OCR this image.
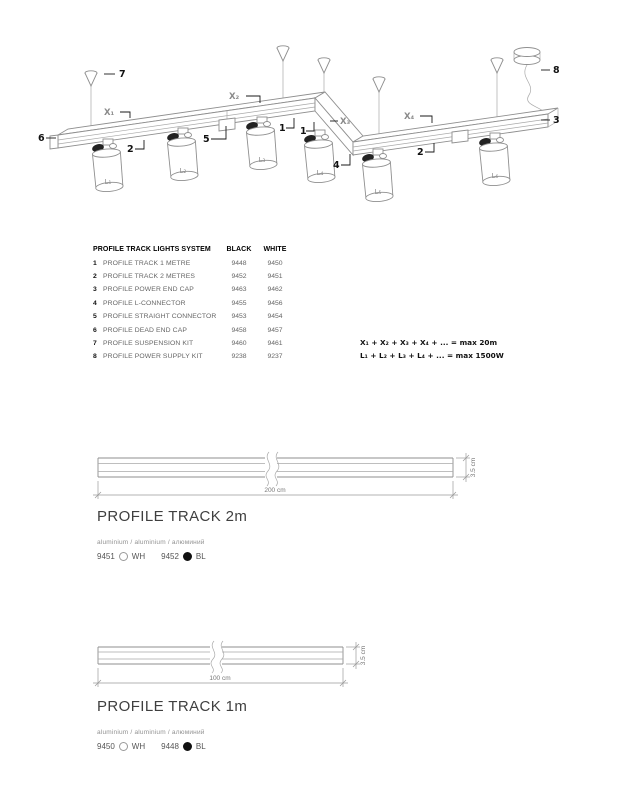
L₁
L₂
L₃
L₄
L₅
L₆
6
7
X₁
2
5
X₂
1 1
X₃
4
X₄
2
3
8
PROFILE TRACK LIGHTS SYSTEM	BLACK	WHITE
1 PROFILE TRACK 1 METRE	9448	9450
2 PROFILE TRACK 2 METRES	9452	9451
3 PROFILE POWER END CAP	9463	9462
4 PROFILE L-CONNECTOR	9455	9456
5 PROFILE STRAIGHT CONNECTOR	9453	9454
6 PROFILE DEAD END CAP	9458	9457
7 PROFILE SUSPENSION KIT	9460	9461
8 PROFILE POWER SUPPLY KIT	9238	9237
X₁ + X₂ + X₃ + X₄ + ... = max 20m
L₁ + L₂ + L₃ + L₄ + ... = max 1500W
200 cm
3.5 cm
PROFILE TRACK 2m
aluminium / aluminium / алюминий
9451 WH 9452 BL
100 cm
3.5 cm
PROFILE TRACK 1m
aluminium / aluminium / алюминий
9450 WH 9448 BL
